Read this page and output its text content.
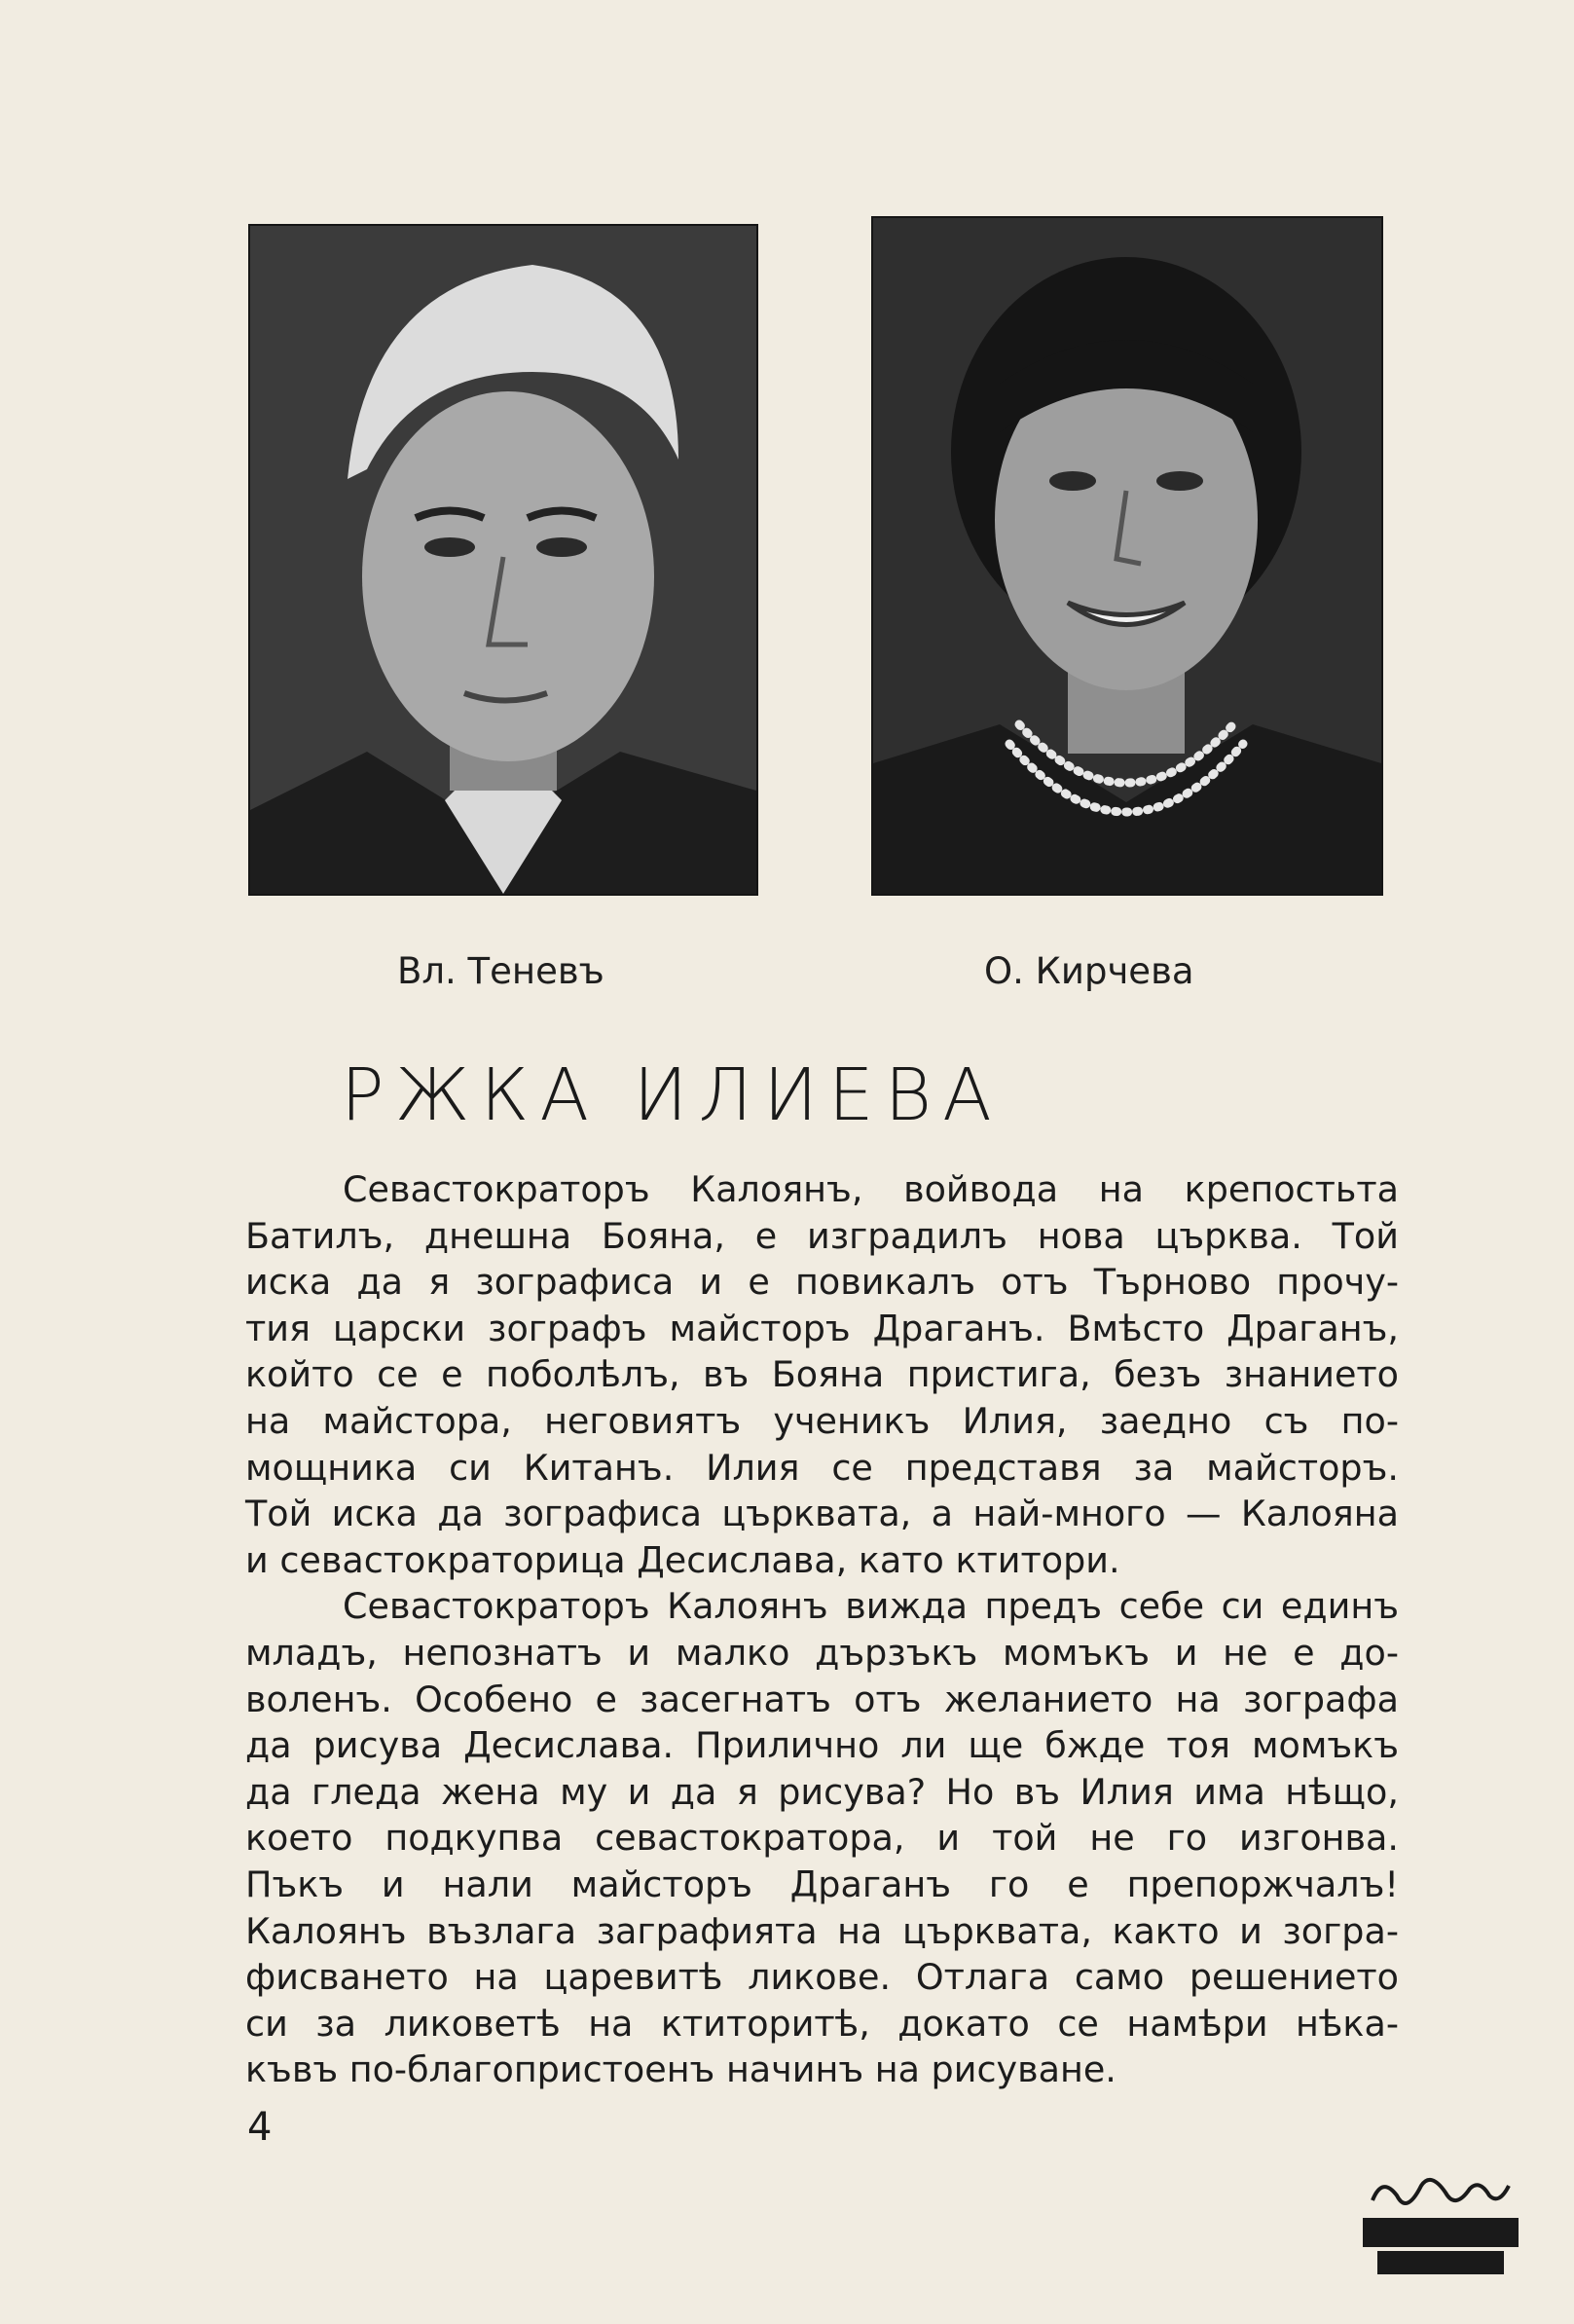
Вл. Теневъ	О. Кирчева
РЖКА ИЛИЕВА
Севастократоръ Калоянъ, войвода на крепостьта
Батилъ, днешна Бояна, е изградилъ нова църква. Той
иска да я зографиса и е повикалъ отъ Търново прочу-
тия царски зографъ майсторъ Драганъ. Вмѣсто Драганъ,
който се е поболѣлъ, въ Бояна пристига, безъ знанието
на майстора, неговиятъ ученикъ Илия, заедно съ по-
мощника си Китанъ. Илия се представя за майсторъ.
Той иска да зографиса църквата, а най-много — Калояна
и севастократорица Десислава, като ктитори.
Севастократоръ Калоянъ вижда предъ себе си единъ
младъ, непознатъ и малко дързъкъ момъкъ и не е до-
воленъ. Особено е засегнатъ отъ желанието на зографа
да рисува Десислава. Прилично ли ще бжде тоя момъкъ
да гледа жена му и да я рисува? Но въ Илия има нѣщо,
което подкупва севастократора, и той не го изгонва.
Пъкъ и нали майсторъ Драганъ го е препоржчалъ!
Калоянъ възлага заграфията на църквата, както и зогра-
фисването на царевитѣ ликове. Отлага само решението
си за ликоветѣ на ктиторитѣ, докато се намѣри нѣка-
къвъ по-благопристоенъ начинъ на рисуване.
4
